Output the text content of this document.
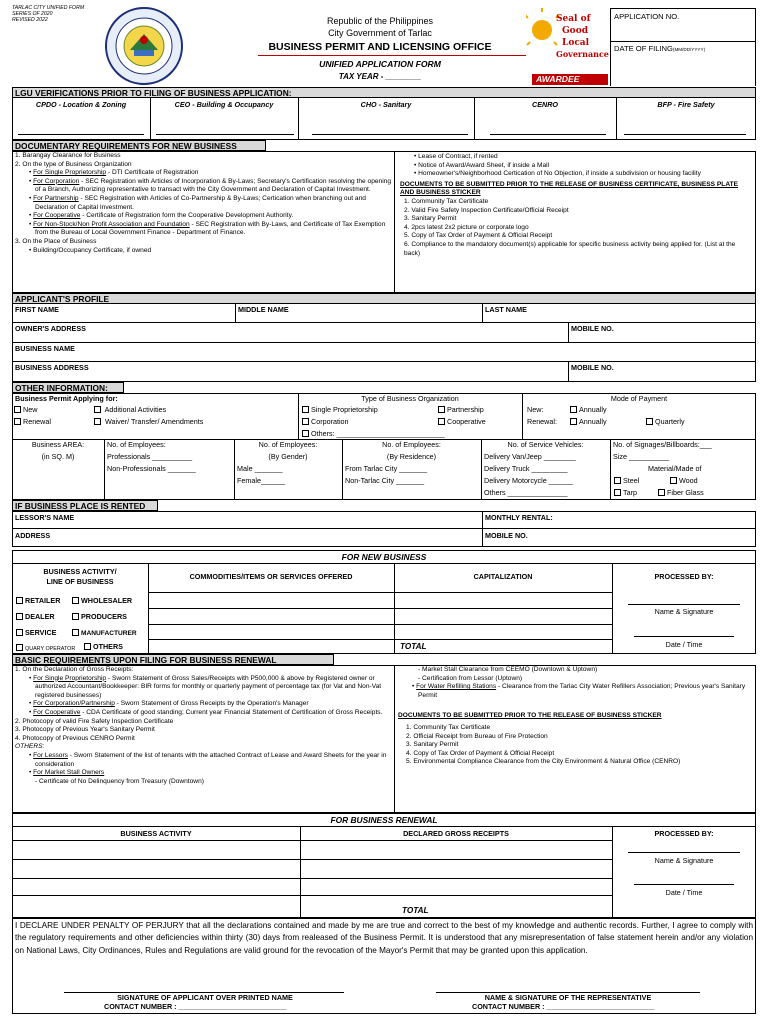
TARLAC CITY UNIFIED FORM
SERIES OF 2020
REVISED 2022	Republic of the Philippines
City Government of Tarlac
BUSINESS PERMIT AND LICENSING OFFICE
UNIFIED APPLICATION FORM
TAX YEAR - ________
Seal of
Good
Local
Governance
AWARDEE
APPLICATION NO.
DATE OF FILING(MM/DD/YYYY)
LGU VERIFICATIONS PRIOR TO FILING OF BUSINESS APPLICATION:
CPDO - Location & Zoning	CEO - Building & Occupancy	CHO - Sanitary	CENRO	BFP - Fire Safety
DOCUMENTARY REQUIREMENTS FOR NEW BUSINESS
1. Barangay Clearance for Business
2. On the type of Business Organization
• For Single Proprietorship - DTI Certificate of Registration
• For Corporation - SEC Registration with Articles of Incorporation & By-Laws; Secretary's Certification resolving the opening of a Branch, Authorizing representative to transact with the City Government and Declaration of Capital Investment.
• For Partnership - SEC Registration with Articles of Co-Partnership & By-Laws; Certication when branching out and Declaration of Capital Investment.
• For Cooperative - Certificate of Registration form the Cooperative Development Authority.
• For Non-Stock/Non Profit Association and Foundation - SEC Registration with By-Laws, and Certificate of Tax Exemption from the Bureau of Local Government Finance - Department of Finance.
3. On the Place of Business
• Building/Occupancy Certificate, if owned
• Lease of Contract, if rented
• Notice of Award/Award Sheet, if inside a Mall
• Homeowner's/Neighborhood Certication of No Objection, if inside a subdivision or housing facility
DOCUMENTS TO BE SUBMITTED PRIOR TO THE RELEASE OF BUSINESS CERTIFICATE, BUSINESS PLATE AND BUSINESS STICKER
1. Community Tax Certificate
2. Valid Fire Safety Inspection Certificate/Official Receipt
3. Sanitary Permit
4. 2pcs latest 2x2 picture or corporate logo
5. Copy of Tax Order of Payment & Official Receipt
6. Compliance to the mandatory document(s) applicable for specific business activity being applied for. (List at the back)
APPLICANT'S PROFILE
FIRST NAME	MIDDLE NAME	LAST NAME
OWNER'S ADDRESS	MOBILE NO.
BUSINESS NAME
BUSINESS ADDRESS	MOBILE NO.
OTHER INFORMATION:
Business Permit Applying for:
New
Renewal
Additional Activities
Waiver/ Transfer/ Amendments
Type of Business Organization
Single Proprietorship
Corporation
Others: ___________________________
Partnership
Cooperative
Mode of Payment
New:
Renewal:
Annually
Annually	Quarterly
Business AREA:
(in SQ. M)
No. of Employees:
Professionals __________
Non-Professionals _______
No. of Employees:
(By Gender)
Male _______
Female______
No. of Employees:
(By Residence)
From Tarlac City _______
Non-Tarlac City _______
No. of Service Vehicles:
Delivery Van/Jeep ________
Delivery Truck _________
Delivery Motorcycle ______
Others _______________
No. of Signages/Billboards:___
Size __________
Material/Made of
Steel	Wood
Tarp	Fiber Glass
IF BUSINESS PLACE IS RENTED
LESSOR'S NAME	MONTHLY RENTAL:
ADDRESS	MOBILE NO.
FOR NEW BUSINESS
BUSINESS ACTIVITY/
LINE OF BUSINESS
COMMODITIES/ITEMS OR SERVICES OFFERED	CAPITALIZATION	PROCESSED BY:
RETAILER	WHOLESALER
DEALER	PRODUCERS
SERVICE	MANUFACTURER
QUARY OPERATOR	OTHERS	TOTAL
Name & Signature
Date / Time
BASIC REQUIREMENTS UPON FILING FOR BUSINESS RENEWAL
1. On the Declaration of Gross Receipts:
• For Single Proprietorship - Sworn Statement of Gross Sales/Receipts with P500,000 & above by Registered owner or authorized Accountant/Bookkeeper: BIR forms for monthly or quarterly payment of percentage tax (for Vat and Non-Vat registered businesses)
• For Corporation/Partnership - Sworn Statement of Gross Receipts by the Operation's Manager
• For Cooperative - CDA Certificate of good standing; Current year Financial Statement of Certification of Gross Receipts.
2. Photocopy of valid Fire Safety Inspection Certificate
3. Photocopy of Previous Year's Sanitary Permit
4. Photocopy of Previous CENRO Permit
OTHERS:
• For Lessors - Sworn Statement of the list of tenants with the attached Contract of Lease and Award Sheets for the year in consideration
• For Market Stall Owners
- Certificate of No Delinquency from Treasury (Downtown)
- Market Stall Clearance from CEEMO (Downtown & Uptown)
- Certification from Lessor (Uptown)
• For Water Refilling Stations - Clearance from the Tarlac City Water Refillers Association; Previous year's Sanitary Permit
DOCUMENTS TO BE SUBMITTED PRIOR TO THE RELEASE OF BUSINESS STICKER
1. Community Tax Certificate
2. Official Receipt from Bureau of Fire Protection
3. Sanitary Permit
4. Copy of Tax Order of Payment & Official Receipt
5. Environmental Compliance Clearance from the City Environment & Natural Office (CENRO)
FOR BUSINESS RENEWAL
BUSINESS ACTIVITY	DECLARED GROSS RECEIPTS	PROCESSED BY:
Name & Signature
Date / Time
TOTAL
I DECLARE UNDER PENALTY OF PERJURY that all the declarations contained and made by me are true and correct to the best of my knowledge and authentic records. Further, I agree to comply with the regulatory requirements and other deficiencies within thirty (30) days from realeased of the Business Permit. It is understood that any misrepresentation of false statement herein and/or any violation on National Laws, City Ordinances, Rules and Regulations are valid ground for the revocation of the Mayor's Permit that may be granted upon this application.
SIGNATURE OF APPLICANT OVER PRINTED NAME
CONTACT NUMBER : ___________________________
NAME & SIGNATURE OF THE REPRESENTATIVE
CONTACT NUMBER : ___________________________
